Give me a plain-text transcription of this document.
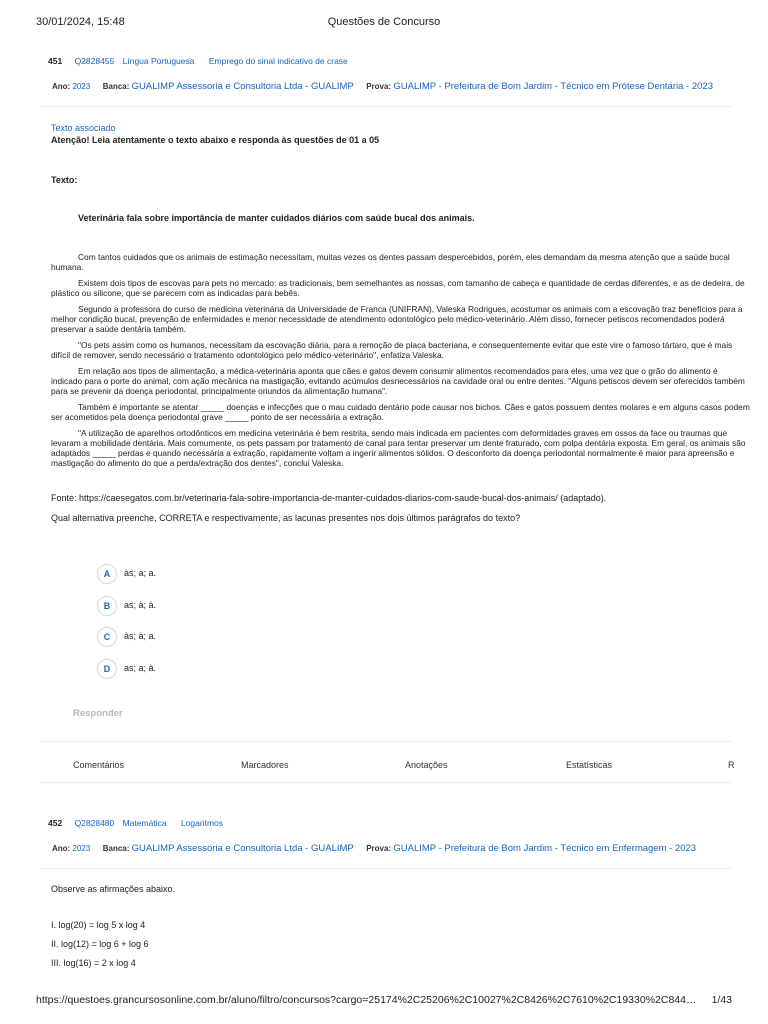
30/01/2024, 15:48	Questões de Concurso
451 Q2828455 Língua Portuguesa Emprego do sinal indicativo de crase
Ano: 2023 Banca: GUALIMP Assessoria e Consultoria Ltda - GUALIMP Prova: GUALIMP - Prefeitura de Bom Jardim - Técnico em Prótese Dentária - 2023
Texto associado
Atenção! Leia atentamente o texto abaixo e responda às questões de 01 a 05
Texto:
Veterinária fala sobre importância de manter cuidados diários com saúde bucal dos animais.

Com tantos cuidados que os animais de estimação necessitam, muitas vezes os dentes passam despercebidos, porém, eles demandam da mesma atenção que a saúde bucal humana.

Existem dois tipos de escovas para pets no mercado: as tradicionais, bem semelhantes as nossas, com tamanho de cabeça e quantidade de cerdas diferentes, e as de dedeira, de plástico ou silicone, que se parecem com as indicadas para bebês.

Segundo a professora do curso de medicina veterinária da Universidade de Franca (UNIFRAN), Valeska Rodrigues, acostumar os animais com a escovação traz benefícios para a melhor condição bucal, prevenção de enfermidades e menor necessidade de atendimento odontológico pelo médico-veterinário. Além disso, fornecer petiscos recomendados poderá preservar a saúde dentária também.

"Os pets assim como os humanos, necessitam da escovação diária, para a remoção de placa bacteriana, e consequentemente evitar que este vire o famoso tártaro, que é mais difícil de remover, sendo necessário o tratamento odontológico pelo médico-veterinário", enfatiza Valeska.

Em relação aos tipos de alimentação, a médica-veterinária aponta que cães e gatos devem consumir alimentos recomendados para eles, uma vez que o grão do alimento é indicado para o porte do animal, com ação mecânica na mastigação, evitando acúmulos desnecessários na cavidade oral ou entre dentes. "Alguns petiscos devem ser oferecidos também para se prevenir da doença periodontal, principalmente oriundos da alimentação humana".

Também é importante se atentar _____ doenças e infecções que o mau cuidado dentário pode causar nos bichos. Cães e gatos possuem dentes molares e em alguns casos podem ser acometidos pela doença periodontal grave _____ ponto de ser necessária a extração.

"A utilização de aparelhos ortodônticos em medicina veterinária é bem restrita, sendo mais indicada em pacientes com deformidades graves em ossos da face ou traumas que levaram a mobilidade dentária. Mais comumente, os pets passam por tratamento de canal para tentar preservar um dente fraturado, com polpa dentária exposta. Em geral, os animais são adaptados _____ perdas e quando necessária a extração, rapidamente voltam a ingerir alimentos sólidos. O desconforto da doença periodontal normalmente é maior para apreensão e mastigação do alimento do que a perda/extração dos dentes", conclui Valeska.

Fonte: https://caesegatos.com.br/veterinaria-fala-sobre-importancia-de-manter-cuidados-diarios-com-saude-bucal-dos-animais/ (adaptado).
Qual alternativa preenche, CORRETA e respectivamente, as lacunas presentes nos dois últimos parágrafos do texto?
A	às; a; a.
B	as; à; à.
C	às; à; a.
D	as; a; à.
Responder
Comentários	Marcadores	Anotações	Estatísticas	R
452 Q2828480 Matemática Logaritmos
Ano: 2023 Banca: GUALIMP Assessoria e Consultoria Ltda - GUALIMP Prova: GUALIMP - Prefeitura de Bom Jardim - Técnico em Enfermagem - 2023
Observe as afirmações abaixo.
I. log(20) = log 5 x log 4
II. log(12) = log 6 + log 6
III. log(16) = 2 x log 4
https://questoes.grancursosonline.com.br/aluno/filtro/concursos?cargo=25174%2C25206%2C10027%2C8426%2C7610%2C19330%2C844… 1/43
